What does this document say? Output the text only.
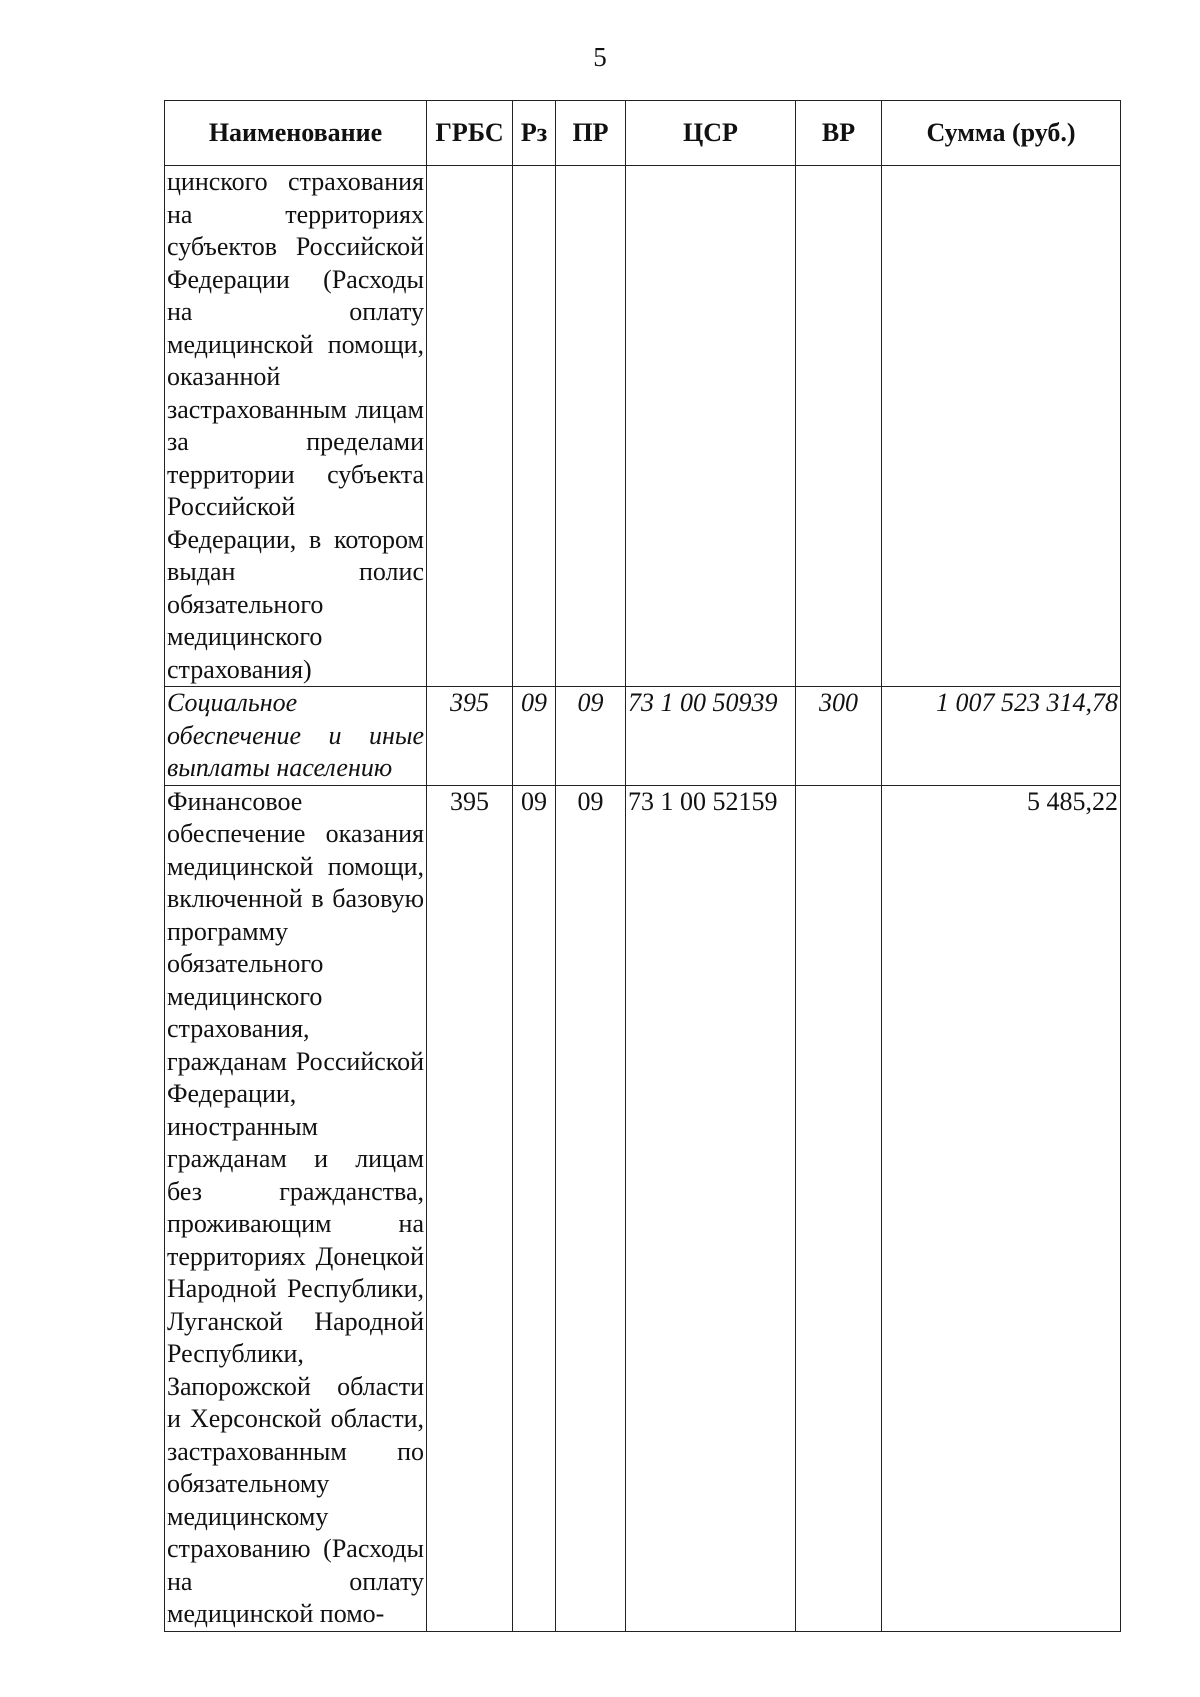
5
Наименование	ГРБС	Рз	ПР	ЦСР	ВР	Сумма (руб.)
цинского страхования на территориях субъектов Российской Федерации (Расходы на оплату медицинской помощи, оказанной застрахованным лицам за пределами территории субъекта Российской Федерации, в котором выдан полис обязательного медицинского страхования)						
Социальное обеспечение и иные выплаты населению	395	09	09	73 1 00 50939	300	1 007 523 314,78
Финансовое обеспечение оказания медицинской помощи, включенной в базовую программу обязательного медицинского страхования, гражданам Российской Федерации, иностранным гражданам и лицам без гражданства, проживающим на территориях Донецкой Народной Республики, Луганской Народной Республики, Запорожской области и Херсонской области, застрахованным по обязательному медицинскому страхованию (Расходы на оплату медицинской помо-	395	09	09	73 1 00 52159		5 485,22
